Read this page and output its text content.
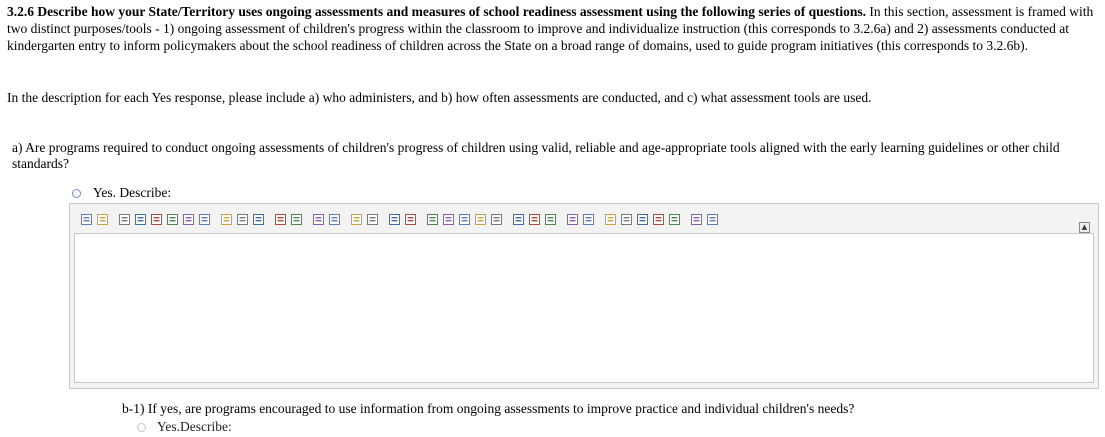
3.2.6 Describe how your State/Territory uses ongoing assessments and measures of school readiness assessment using the following series of questions. In this section, assessment is framed with two distinct purposes/tools - 1) ongoing assessment of children's progress within the classroom to improve and individualize instruction (this corresponds to 3.2.6a) and 2) assessments conducted at kindergarten entry to inform policymakers about the school readiness of children across the State on a broad range of domains, used to guide program initiatives (this corresponds to 3.2.6b).
In the description for each Yes response, please include a) who administers, and b) how often assessments are conducted, and c) what assessment tools are used.
a) Are programs required to conduct ongoing assessments of children's progress of children using valid, reliable and age-appropriate tools aligned with the early learning guidelines or other child standards?
Yes. Describe:
▲
b-1) If yes, are programs encouraged to use information from ongoing assessments to improve practice and individual children's needs?
Yes.Describe:
